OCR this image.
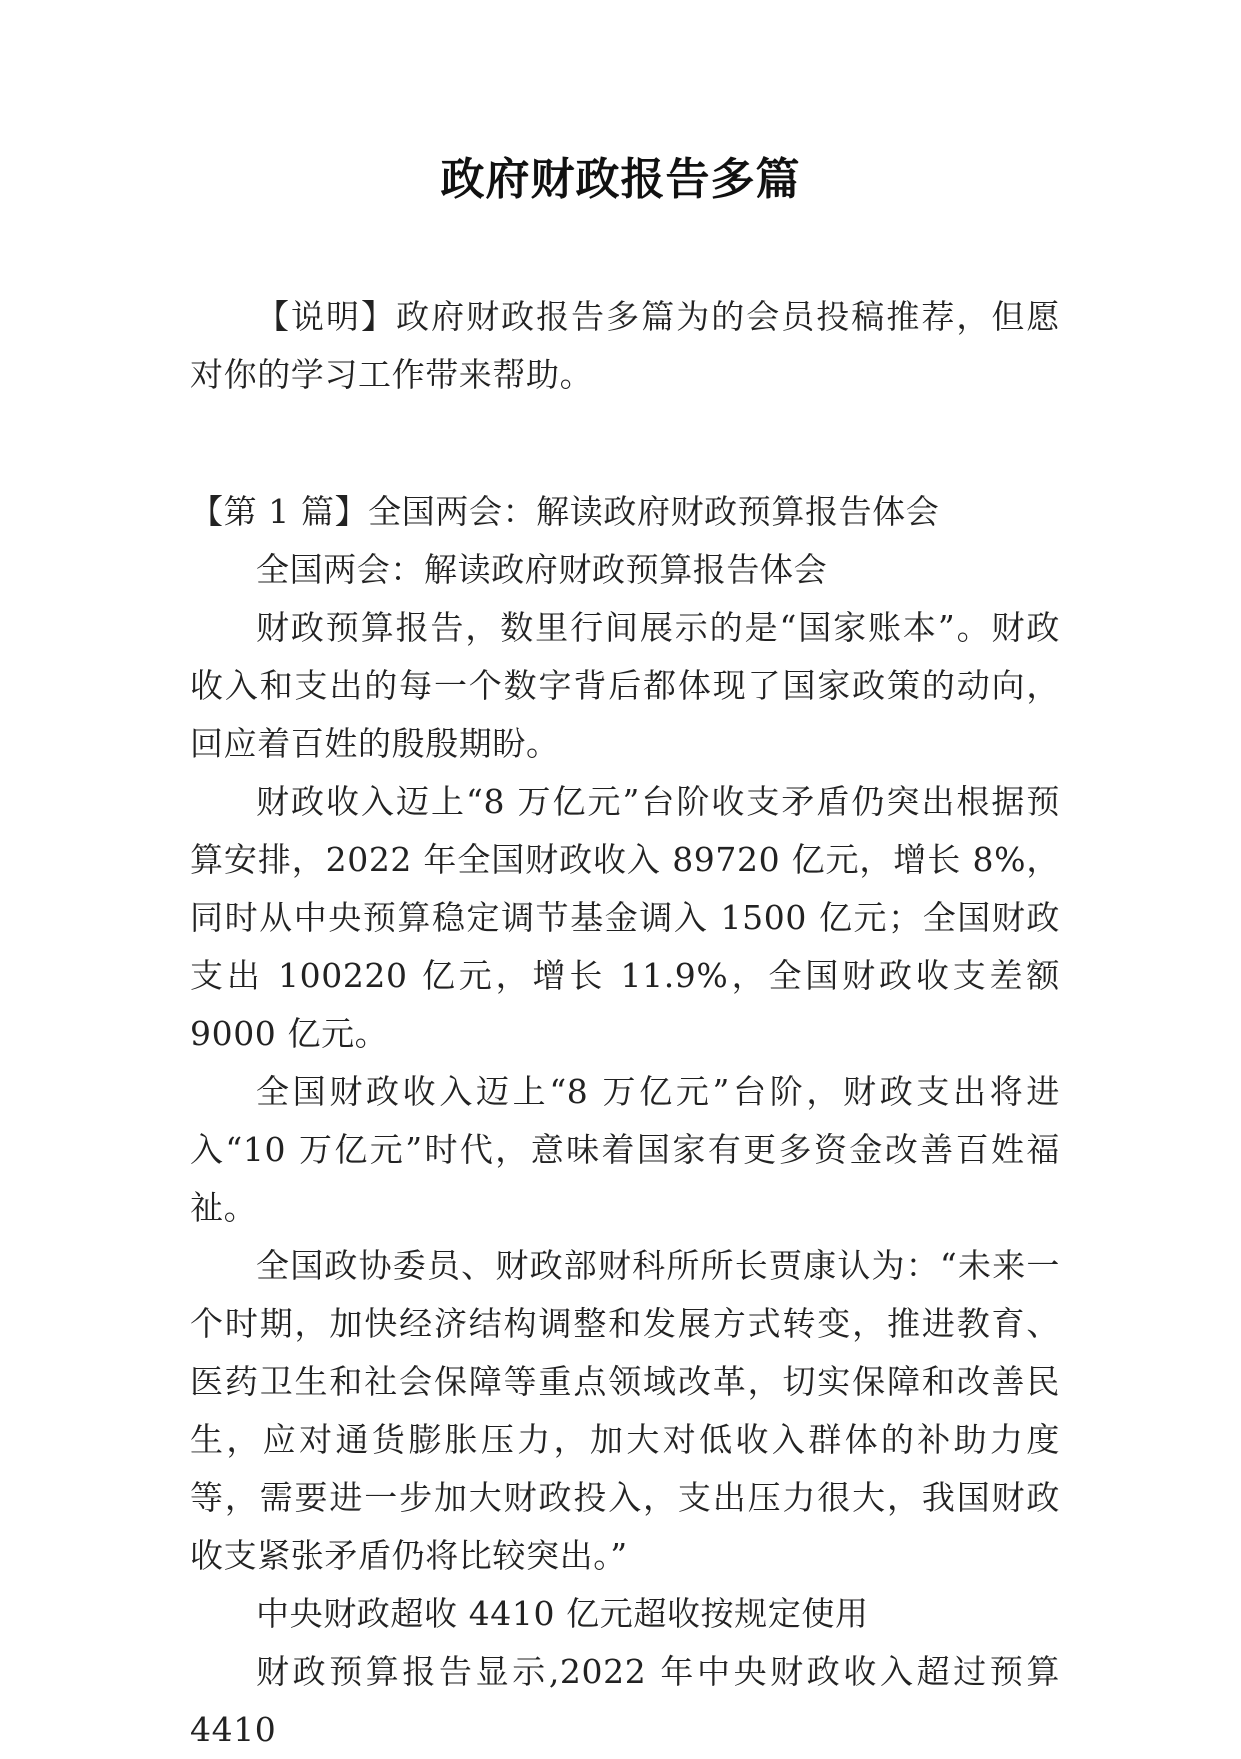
政府财政报告多篇

【说明】政府财政报告多篇为的会员投稿推荐，但愿对你的学习工作带来帮助。

【第 1 篇】全国两会：解读政府财政预算报告体会

全国两会：解读政府财政预算报告体会

财政预算报告，数里行间展示的是“国家账本”。财政收入和支出的每一个数字背后都体现了国家政策的动向，回应着百姓的殷殷期盼。

财政收入迈上“8 万亿元”台阶收支矛盾仍突出根据预算安排，2022 年全国财政收入 89720 亿元，增长 8%，同时从中央预算稳定调节基金调入 1500 亿元；全国财政支出 100220 亿元，增长 11.9%，全国财政收支差额 9000 亿元。

全国财政收入迈上“8 万亿元”台阶，财政支出将进入“10 万亿元”时代，意味着国家有更多资金改善百姓福祉。

全国政协委员、财政部财科所所长贾康认为：“未来一个时期，加快经济结构调整和发展方式转变，推进教育、医药卫生和社会保障等重点领域改革，切实保障和改善民生，应对通货膨胀压力，加大对低收入群体的补助力度等，需要进一步加大财政投入，支出压力很大，我国财政收支紧张矛盾仍将比较突出。”

中央财政超收 4410 亿元超收按规定使用

财政预算报告显示,2022 年中央财政收入超过预算 4410
